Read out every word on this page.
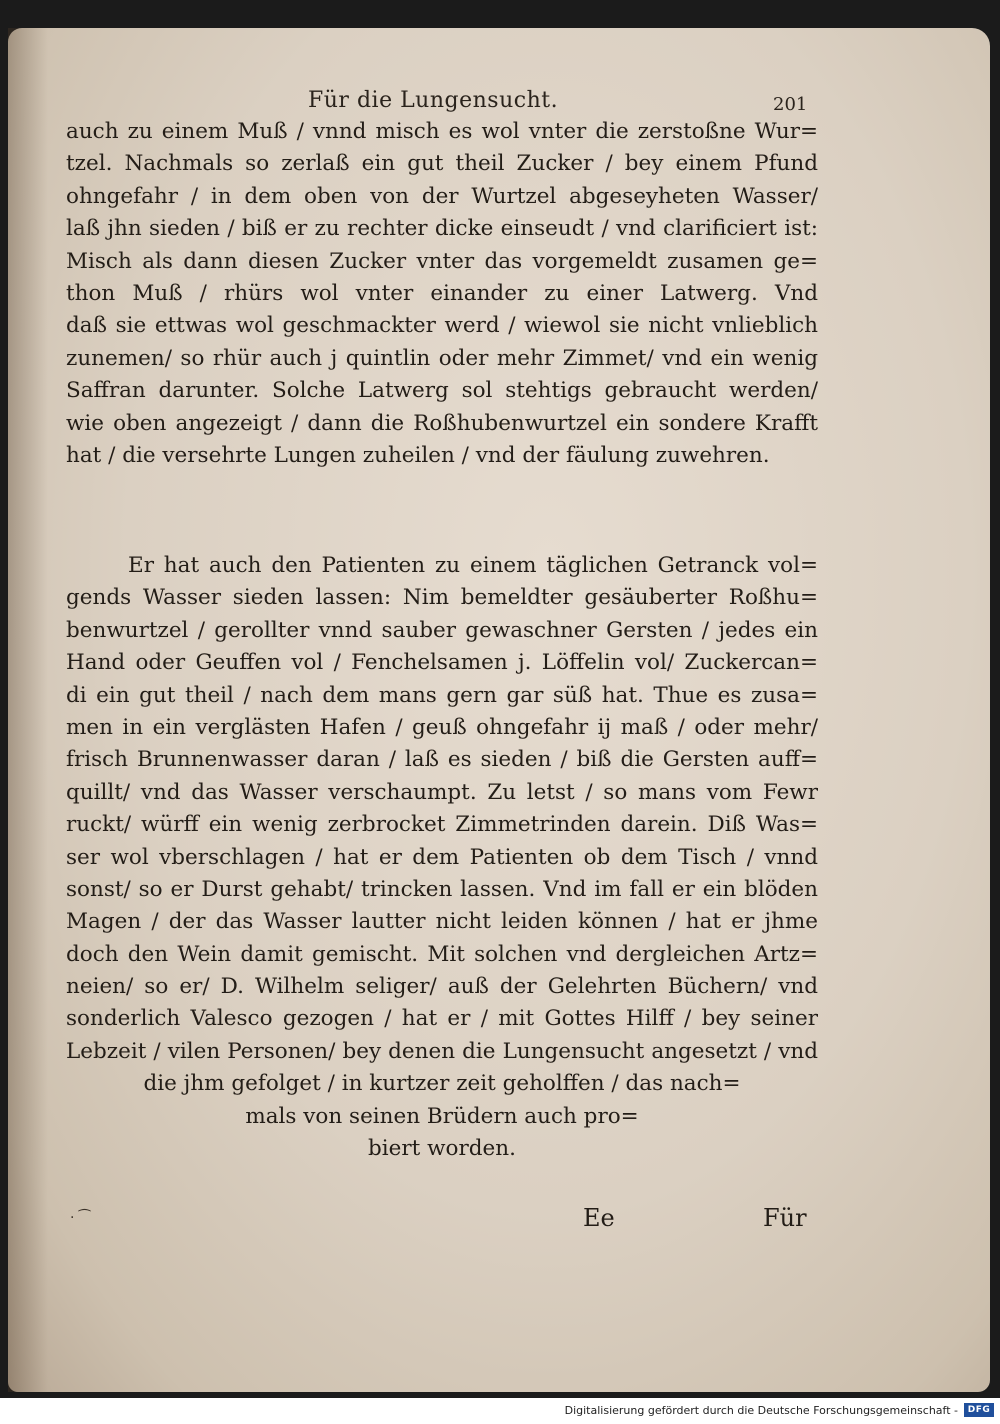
Für die Lungensucht.	201
auch zu einem Muß / vnnd misch es wol vnter die zerstoßne Wur=
tzel. Nachmals so zerlaß ein gut theil Zucker / bey einem Pfund
ohngefahr / in dem oben von der Wurtzel abgeseyheten Wasser/
laß jhn sieden / biß er zu rechter dicke einseudt / vnd clarificiert ist:
Misch als dann diesen Zucker vnter das vorgemeldt zusamen ge=
thon Muß / rhürs wol vnter einander zu einer Latwerg. Vnd
daß sie ettwas wol geschmackter werd / wiewol sie nicht vnlieblich
zunemen/ so rhür auch j quintlin oder mehr Zimmet/ vnd ein wenig
Saffran darunter. Solche Latwerg sol stehtigs gebraucht werden/
wie oben angezeigt / dann die Roßhubenwurtzel ein sondere Krafft
hat / die versehrte Lungen zuheilen / vnd der fäulung zuwehren.
Er hat auch den Patienten zu einem täglichen Getranck vol=
gends Wasser sieden lassen: Nim bemeldter gesäuberter Roßhu=
benwurtzel / gerollter vnnd sauber gewaschner Gersten / jedes ein
Hand oder Geuffen vol / Fenchelsamen j. Löffelin vol/ Zuckercan=
di ein gut theil / nach dem mans gern gar süß hat. Thue es zusa=
men in ein verglästen Hafen / geuß ohngefahr ij maß / oder mehr/
frisch Brunnenwasser daran / laß es sieden / biß die Gersten auff=
quillt/ vnd das Wasser verschaumpt. Zu letst / so mans vom Fewr
ruckt/ würff ein wenig zerbrocket Zimmetrinden darein. Diß Was=
ser wol vberschlagen / hat er dem Patienten ob dem Tisch / vnnd
sonst/ so er Durst gehabt/ trincken lassen. Vnd im fall er ein blöden
Magen / der das Wasser lautter nicht leiden können / hat er jhme
doch den Wein damit gemischt. Mit solchen vnd dergleichen Artz=
neien/ so er/ D. Wilhelm seliger/ auß der Gelehrten Büchern/ vnd
sonderlich Valesco gezogen / hat er / mit Gottes Hilff / bey seiner
Lebzeit / vilen Personen/ bey denen die Lungensucht angesetzt / vnd
die jhm gefolget / in kurtzer zeit geholffen / das nach=
mals von seinen Brüdern auch pro=
biert worden.
· ⁀	Ee	Für
Digitalisierung gefördert durch die Deutsche Forschungsgemeinschaft -	DFG
